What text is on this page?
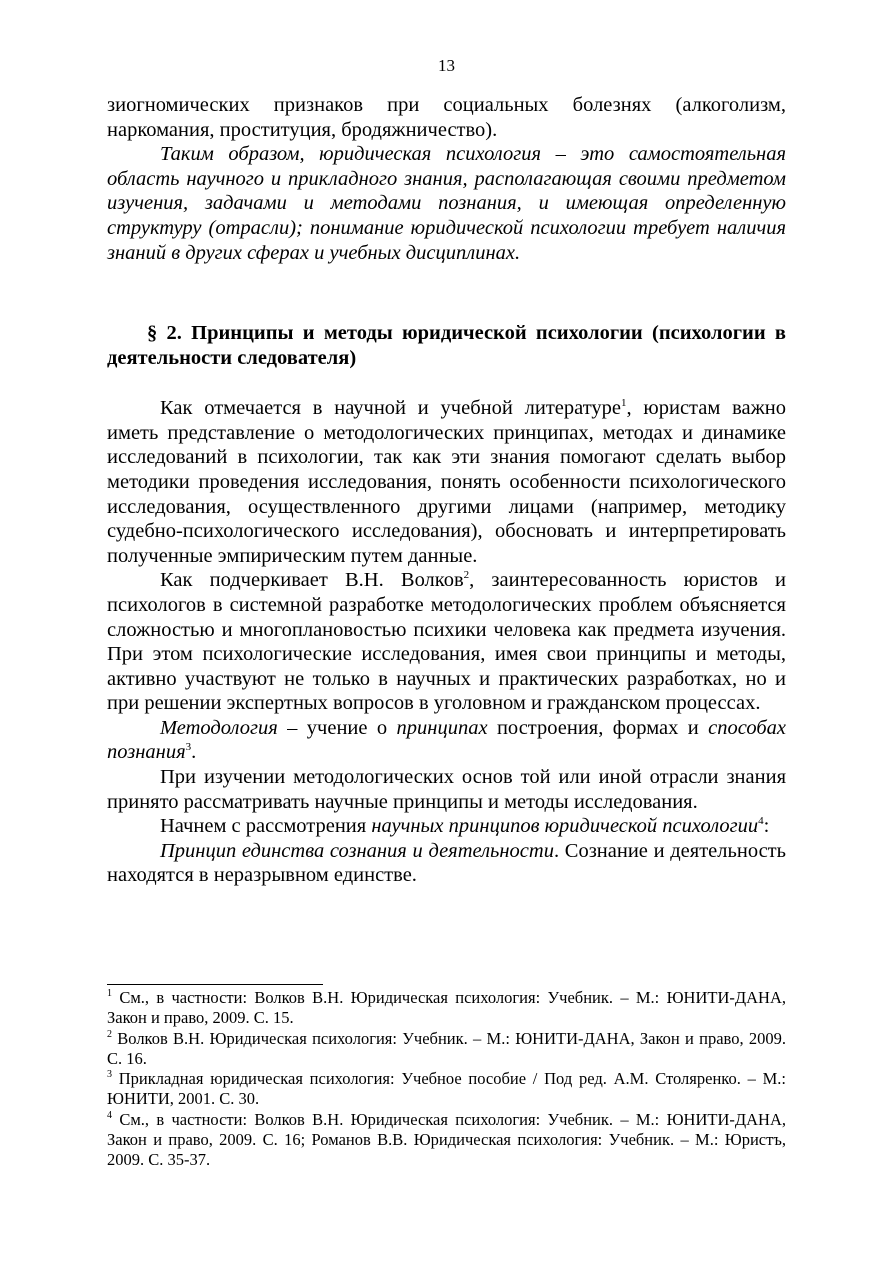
13

зиогномических признаков при социальных болезнях (алкоголизм, наркомания, проституция, бродяжничество).

Таким образом, юридическая психология – это самостоятельная область научного и прикладного знания, располагающая своими предметом изучения, задачами и методами познания, и имеющая определенную структуру (отрасли); понимание юридической психологии требует наличия знаний в других сферах и учебных дисциплинах.

§ 2. Принципы и методы юридической психологии (психологии в деятельности следователя)

Как отмечается в научной и учебной литературе$^1$, юристам важно иметь представление о методологических принципах, методах и динамике исследований в психологии, так как эти знания помогают сделать выбор методики проведения исследования, понять особенности психологического исследования, осуществленного другими лицами (например, методику судебно-психологического исследования), обосновать и интерпретировать полученные эмпирическим путем данные.

Как подчеркивает В.Н. Волков$^2$, заинтересованность юристов и психологов в системной разработке методологических проблем объясняется сложностью и многоплановостью психики человека как предмета изучения. При этом психологические исследования, имея свои принципы и методы, активно участвуют не только в научных и практических разработках, но и при решении экспертных вопросов в уголовном и гражданском процессах.

Методология – учение о принципах построения, формах и способах познания$^3$.

При изучении методологических основ той или иной отрасли знания принято рассматривать научные принципы и методы исследования.

Начнем с рассмотрения научных принципов юридической психологии$^4$:

Принцип единства сознания и деятельности. Сознание и деятельность находятся в неразрывном единстве.

$^1$ См., в частности: Волков В.Н. Юридическая психология: Учебник. – М.: ЮНИТИ-ДАНА, Закон и право, 2009. С. 15.

$^2$ Волков В.Н. Юридическая психология: Учебник. – М.: ЮНИТИ-ДАНА, Закон и право, 2009. С. 16.

$^3$ Прикладная юридическая психология: Учебное пособие / Под ред. А.М. Столяренко. – М.: ЮНИТИ, 2001. С. 30.

$^4$ См., в частности: Волков В.Н. Юридическая психология: Учебник. – М.: ЮНИТИ-ДАНА, Закон и право, 2009. С. 16; Романов В.В. Юридическая психология: Учебник. – М.: Юристъ, 2009. С. 35-37.
